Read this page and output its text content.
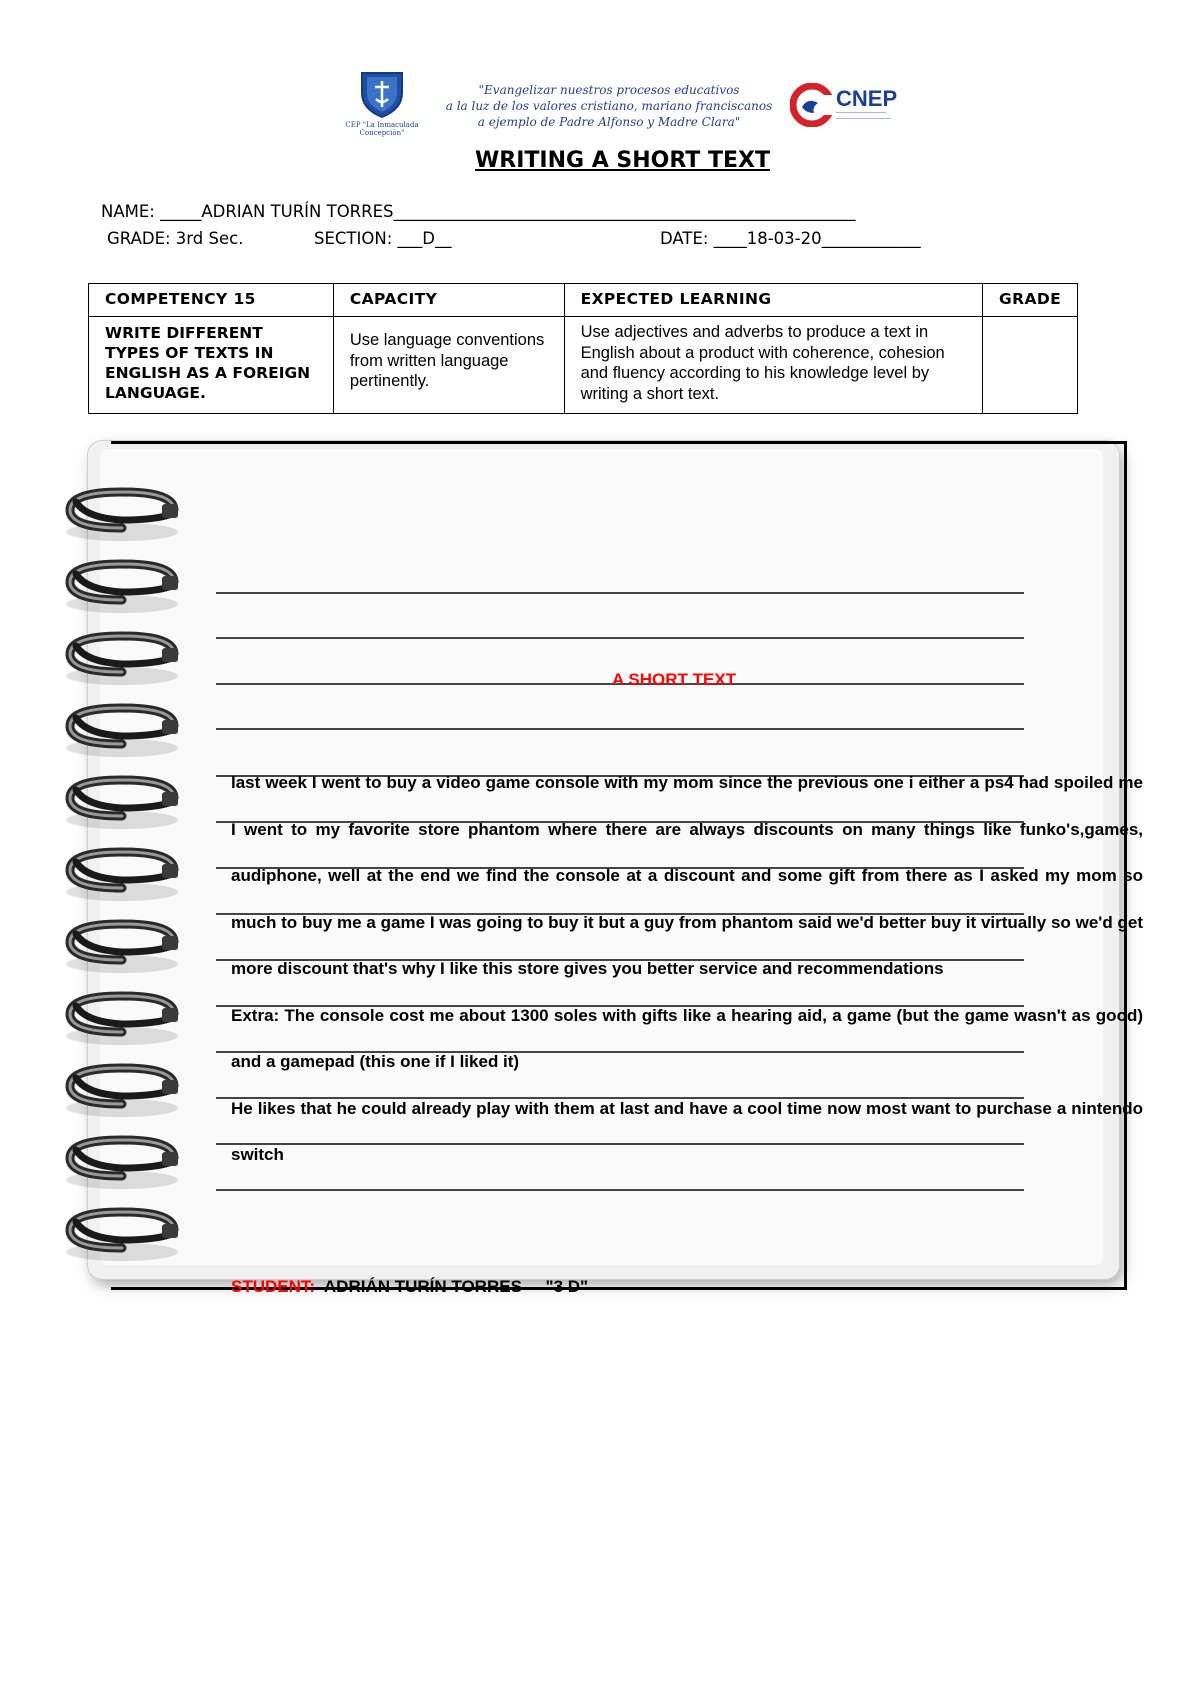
CEP "La Inmaculada Concepción"
"Evangelizar nuestros procesos educativos
a la luz de los valores cristiano, mariano franciscanos
a ejemplo de Padre Alfonso y Madre Clara"
CNEP
——————————
———————————
WRITING A SHORT TEXT
NAME: _____ADRIAN TURÍN TORRES________________________________________________________
GRADE: 3rd Sec.	SECTION: ___D__	DATE: ____18-03-20____________
COMPETENCY 15	CAPACITY	EXPECTED LEARNING	GRADE
WRITE DIFFERENT TYPES OF TEXTS IN ENGLISH AS A FOREIGN LANGUAGE.	Use language conventions from written language pertinently.	Use adjectives and adverbs to produce a text in English about a product with coherence, cohesion and fluency according to his knowledge level by writing a short text.	
A SHORT TEXT

last week I went to buy a video game console with my mom since the previous one i either a ps4 had spoiled me I went to my favorite store phantom where there are always discounts on many things like funko's,games, audiphone, well at the end we find the console at a discount and some gift from there as I asked my mom so much to buy me a game I was going to buy it but a guy from phantom said we'd better buy it virtually so we'd get more discount that's why I like this store gives you better service and recommendations

Extra: The console cost me about 1300 soles with gifts like a hearing aid, a game (but the game wasn't as good) and a gamepad (this one if I liked it)

He likes that he could already play with them at last and have a cool time now most want to purchase a nintendo switch

STUDENT: ADRIÁN TURÍN TORRES     "3 D"
